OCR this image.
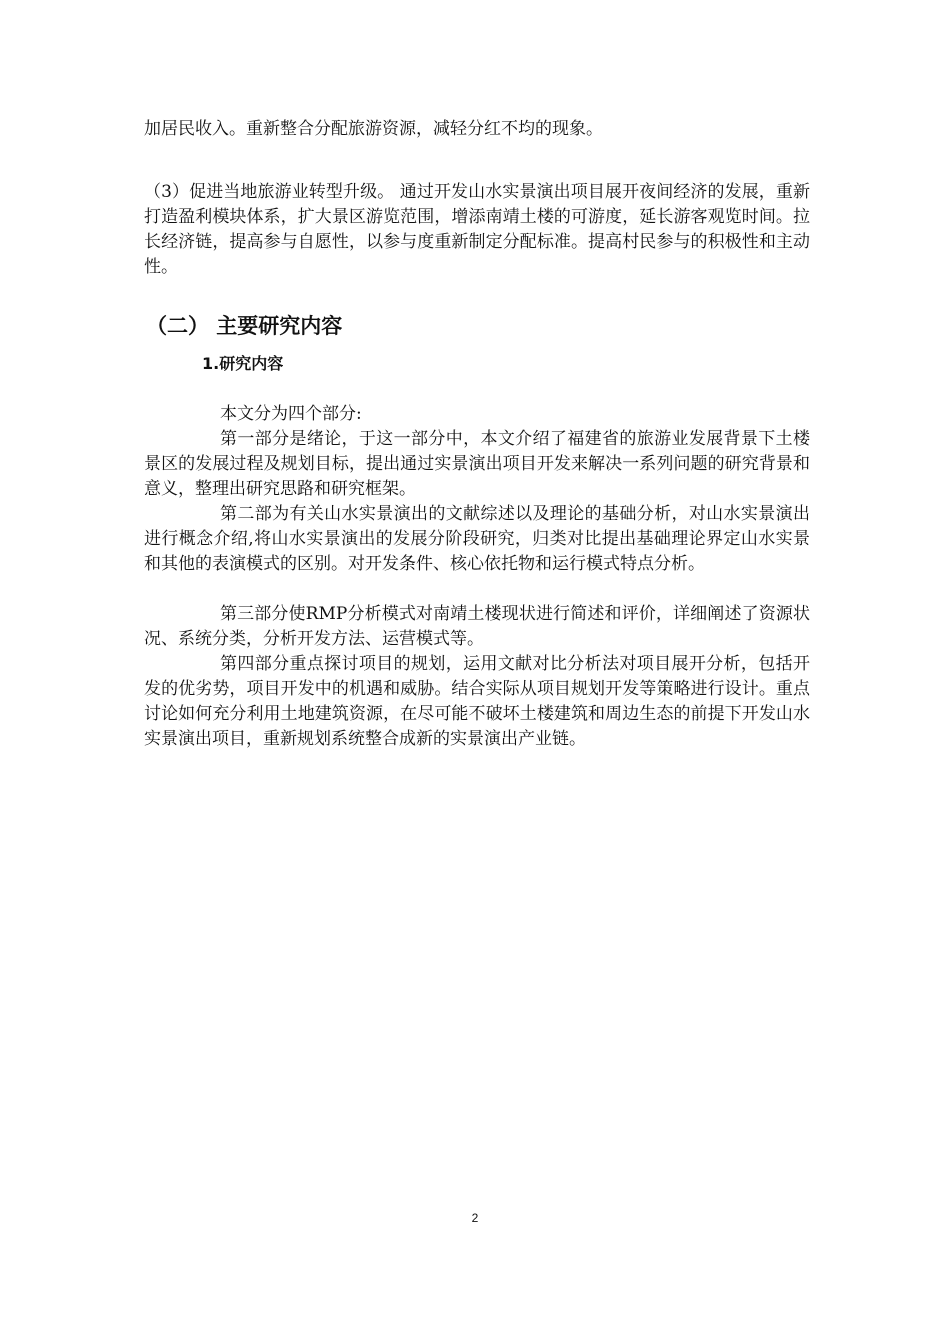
加居民收入。重新整合分配旅游资源，减轻分红不均的现象。

（3）促进当地旅游业转型升级。 通过开发山水实景演出项目展开夜间经济的发展，重新打造盈利模块体系，扩大景区游览范围，增添南靖土楼的可游度，延长游客观览时间。拉长经济链，提高参与自愿性，以参与度重新制定分配标准。提高村民参与的积极性和主动性。

（二） 主要研究内容
1.研究内容

本文分为四个部分:

第一部分是绪论，于这一部分中，本文介绍了福建省的旅游业发展背景下土楼景区的发展过程及规划目标，提出通过实景演出项目开发来解决一系列问题的研究背景和意义，整理出研究思路和研究框架。

第二部为有关山水实景演出的文献综述以及理论的基础分析，对山水实景演出进行概念介绍,将山水实景演出的发展分阶段研究，归类对比提出基础理论界定山水实景和其他的表演模式的区别。对开发条件、核心依托物和运行模式特点分析。

第三部分使RMP分析模式对南靖土楼现状进行简述和评价，详细阐述了资源状况、系统分类，分析开发方法、运营模式等。

第四部分重点探讨项目的规划，运用文献对比分析法对项目展开分析，包括开发的优劣势，项目开发中的机遇和威胁。结合实际从项目规划开发等策略进行设计。重点讨论如何充分利用土地建筑资源，在尽可能不破坏土楼建筑和周边生态的前提下开发山水实景演出项目，重新规划系统整合成新的实景演出产业链。

2
